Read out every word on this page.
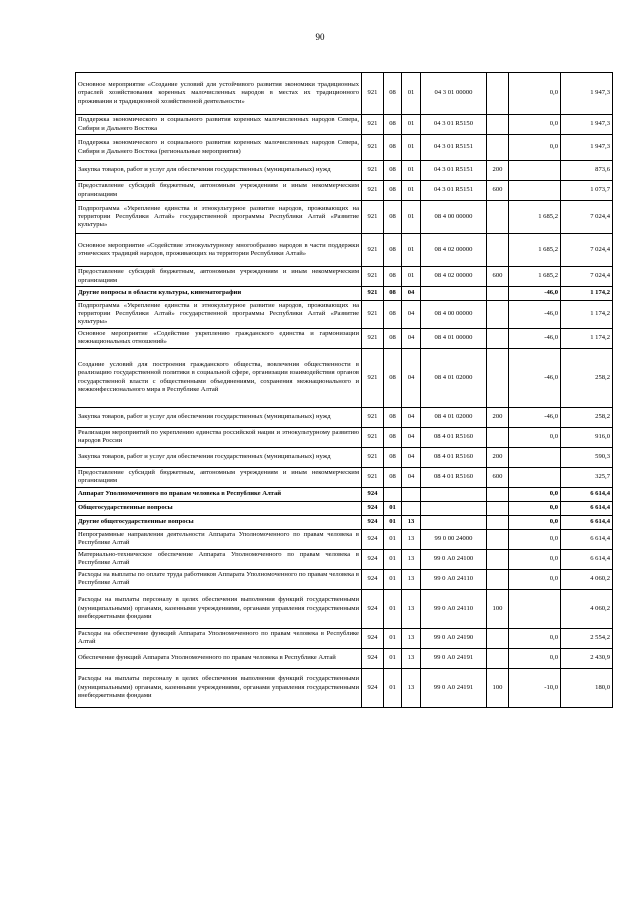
90
Основное мероприятие «Создание условий для устойчивого развития экономики традиционных отраслей хозяйствования коренных малочисленных народов в местах их традиционного проживания и традиционной хозяйственной деятельности»	921	08	01	04 3 01 00000		0,0	1 947,3
Поддержка экономического и социального развития коренных малочисленных народов Севера, Сибири и Дальнего Востока	921	08	01	04 3 01 R5150		0,0	1 947,3
Поддержка экономического и социального развития коренных малочисленных народов Севера, Сибири и Дальнего Востока (региональные мероприятия)	921	08	01	04 3 01 R5151		0,0	1 947,3
Закупка товаров, работ и услуг для обеспечения государственных (муниципальных) нужд	921	08	01	04 3 01 R5151	200		873,6
Предоставление субсидий бюджетным, автономным учреждениям и иным некоммерческим организациям	921	08	01	04 3 01 R5151	600		1 073,7
Подпрограмма «Укрепление единства и этнокультурное развитие народов, проживающих на территории Республики Алтай» государственной программы Республики Алтай «Развитие культуры»	921	08	01	08 4 00 00000		1 685,2	7 024,4
Основное мероприятие «Содействие этнокультурному многообразию народов в части поддержки этнических традиций народов, проживающих на территории Республики Алтай»	921	08	01	08 4 02 00000		1 685,2	7 024,4
Предоставление субсидий бюджетным, автономным учреждениям и иным некоммерческим организациям	921	08	01	08 4 02 00000	600	1 685,2	7 024,4
Другие вопросы в области культуры, кинематографии	921	08	04			-46,0	1 174,2
Подпрограмма «Укрепление единства и этнокультурное развитие народов, проживающих на территории Республики Алтай» государственной программы Республики Алтай «Развитие культуры»	921	08	04	08 4 00 00000		-46,0	1 174,2
Основное мероприятие «Содействие укреплению гражданского единства и гармонизации межнациональных отношений»	921	08	04	08 4 01 00000		-46,0	1 174,2
Создание условий для построения гражданского общества, вовлечения общественности в реализацию государственной политики в социальной сфере, организации взаимодействия органов государственной власти с общественными объединениями, сохранения межнационального и межконфессионального мира в Республике Алтай	921	08	04	08 4 01 02000		-46,0	258,2
Закупка товаров, работ и услуг для обеспечения государственных (муниципальных) нужд	921	08	04	08 4 01 02000	200	-46,0	258,2
Реализация мероприятий по укреплению единства российской нации и этнокультурному развитию народов России	921	08	04	08 4 01 R5160		0,0	916,0
Закупка товаров, работ и услуг для обеспечения государственных (муниципальных) нужд	921	08	04	08 4 01 R5160	200		590,3
Предоставление субсидий бюджетным, автономным учреждениям и иным некоммерческим организациям	921	08	04	08 4 01 R5160	600		325,7
Аппарат Уполномоченного по правам человека в Республике Алтай	924					0,0	6 614,4
Общегосударственные вопросы	924	01				0,0	6 614,4
Другие общегосударственные вопросы	924	01	13			0,0	6 614,4
Непрограммные направления деятельности Аппарата Уполномоченного по правам человека в Республике Алтай	924	01	13	99 0 00 24000		0,0	6 614,4
Материально-техническое обеспечение Аппарата Уполномоченного по правам человека в Республике Алтай	924	01	13	99 0 А0 24100		0,0	6 614,4
Расходы на выплаты по оплате труда работников Аппарата Уполномоченного по правам человека в Республике Алтай	924	01	13	99 0 А0 24110		0,0	4 060,2
Расходы на выплаты персоналу в целях обеспечения выполнения функций государственными (муниципальными) органами, казенными учреждениями, органами управления государственными внебюджетными фондами	924	01	13	99 0 А0 24110	100		4 060,2
Расходы на обеспечение функций Аппарата Уполномоченного по правам человека в Республике Алтай	924	01	13	99 0 А0 24190		0,0	2 554,2
Обеспечение функций Аппарата Уполномоченного по правам человека в Республике Алтай	924	01	13	99 0 А0 24191		0,0	2 430,9
Расходы на выплаты персоналу в целях обеспечения выполнения функций государственными (муниципальными) органами, казенными учреждениями, органами управления государственными внебюджетными фондами	924	01	13	99 0 А0 24191	100	-10,0	180,0
